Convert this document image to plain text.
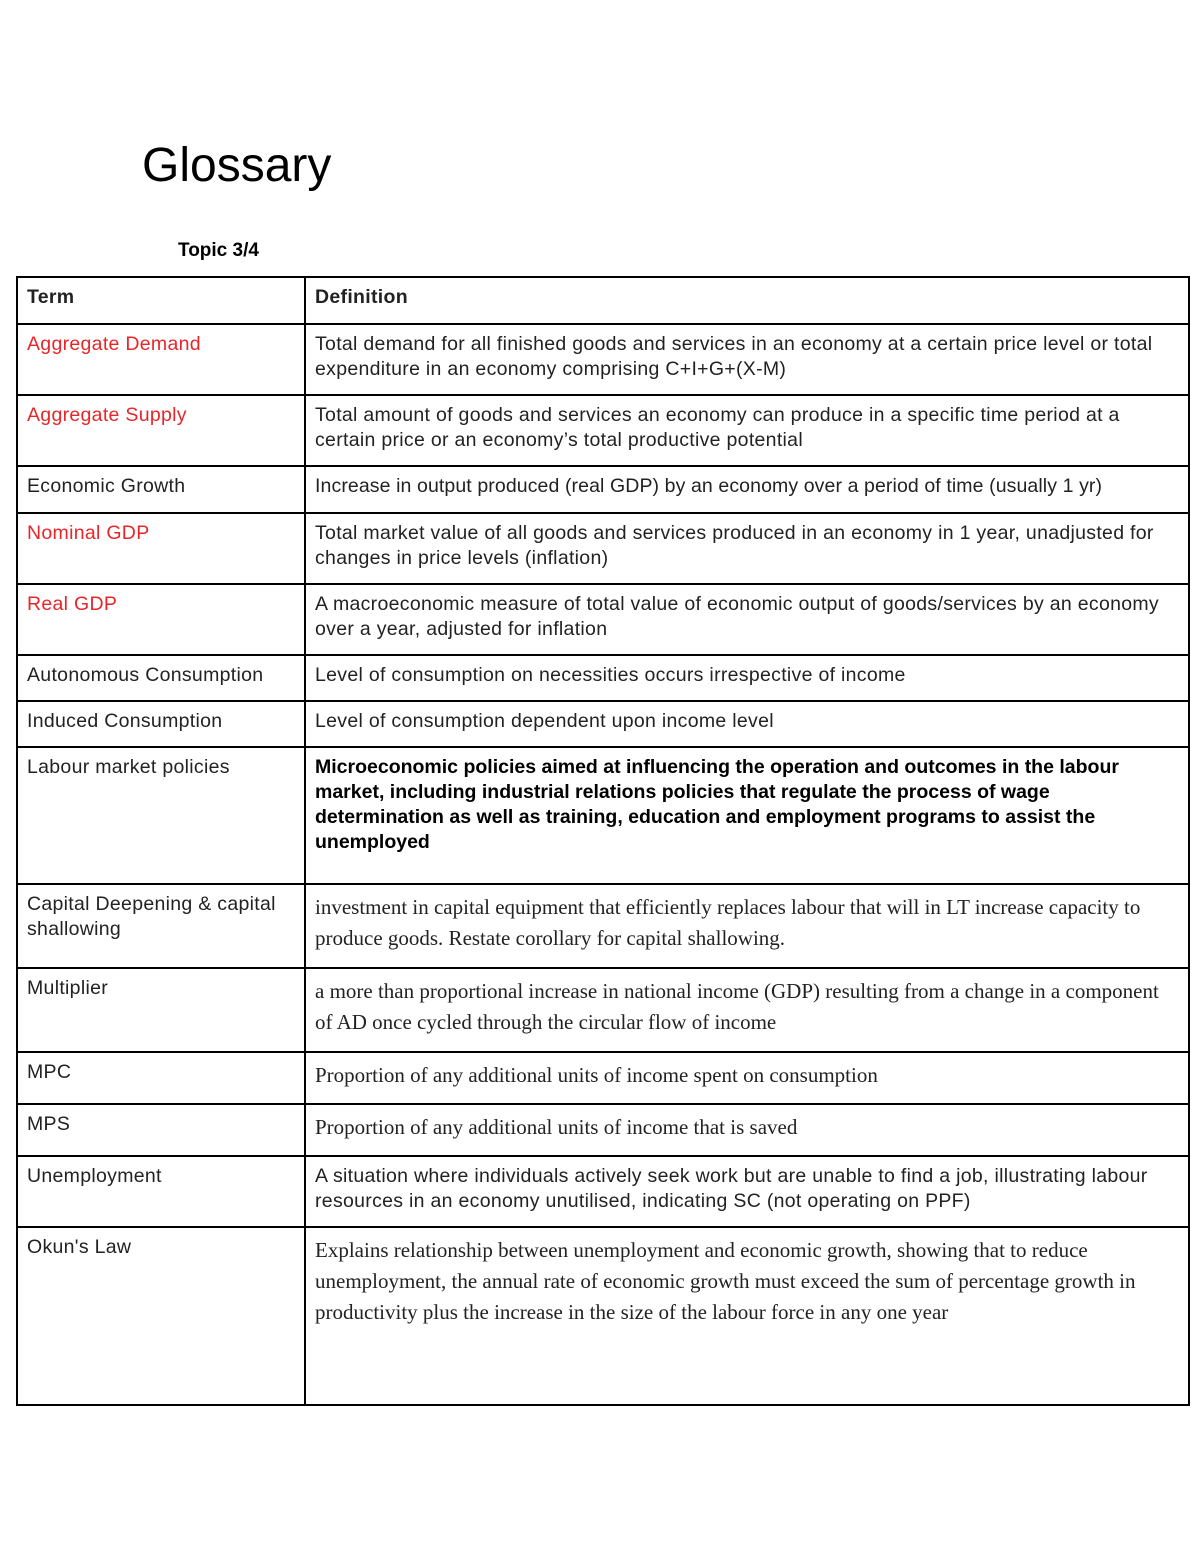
Glossary
Topic 3/4
Term	Definition
Aggregate Demand	Total demand for all finished goods and services in an economy at a certain price level or total expenditure in an economy comprising C+I+G+(X-M)
Aggregate Supply	Total amount of goods and services an economy can produce in a specific time period at a certain price or an economy’s total productive potential
Economic Growth	Increase in output produced (real GDP) by an economy over a period of time (usually 1 yr)
Nominal GDP	Total market value of all goods and services produced in an economy in 1 year, unadjusted for changes in price levels (inflation)
Real GDP	A macroeconomic measure of total value of economic output of goods/services by an economy over a year, adjusted for inflation
Autonomous Consumption	Level of consumption on necessities occurs irrespective of income
Induced Consumption	Level of consumption dependent upon income level
Labour market policies	Microeconomic policies aimed at influencing the operation and outcomes in the labour market, including industrial relations policies that regulate the process of wage determination as well as training, education and employment programs to assist the unemployed
Capital Deepening & capital shallowing	investment in capital equipment that efficiently replaces labour that will in LT increase capacity to produce goods. Restate corollary for capital shallowing.
Multiplier	a more than proportional increase in national income (GDP) resulting from a change in a component of AD once cycled through the circular flow of income
MPC	Proportion of any additional units of income spent on consumption
MPS	Proportion of any additional units of income that is saved
Unemployment	A situation where individuals actively seek work but are unable to find a job, illustrating labour resources in an economy unutilised, indicating SC (not operating on PPF)
Okun's Law	Explains relationship between unemployment and economic growth, showing that to reduce unemployment, the annual rate of economic growth must exceed the sum of percentage growth in productivity plus the increase in the size of the labour force in any one year
